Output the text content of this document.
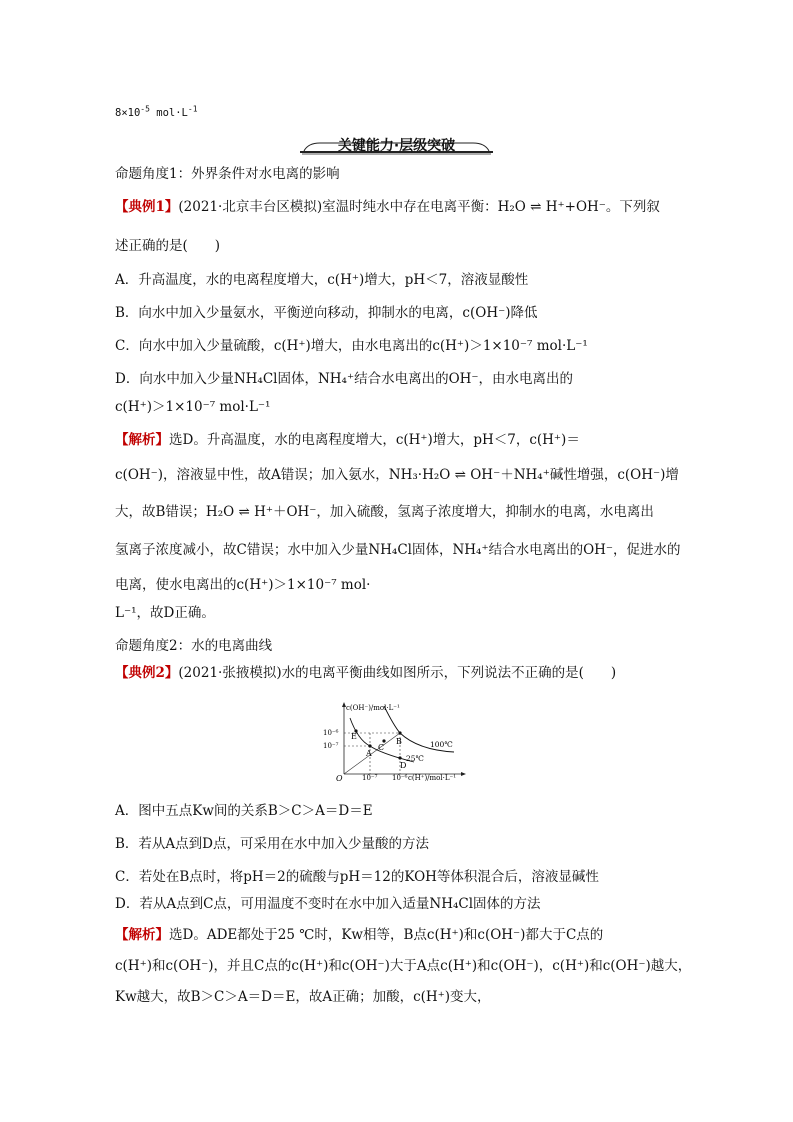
$8\times 10^{-5}$ $mol\cdot L^{-1}$
关键能力·层级突破
命题角度1：外界条件对水电离的影响
【典例1】(2021·北京丰台区模拟)室温时纯水中存在电离平衡：H₂O ⇌ H⁺+OH⁻。下列叙
述正确的是(　　)
A．升高温度，水的电离程度增大，c(H⁺)增大，pH＜7，溶液显酸性
B．向水中加入少量氨水，平衡逆向移动，抑制水的电离，c(OH⁻)降低
C．向水中加入少量硫酸，c(H⁺)增大，由水电离出的c(H⁺)＞1×10⁻⁷ mol·L⁻¹
D．向水中加入少量NH₄Cl固体，NH₄⁺结合水电离出的OH⁻，由水电离出的
c(H⁺)＞1×10⁻⁷ mol·L⁻¹
【解析】选D。升高温度，水的电离程度增大，c(H⁺)增大，pH＜7，c(H⁺)＝
c(OH⁻)，溶液显中性，故A错误；加入氨水，NH₃·H₂O ⇌ OH⁻＋NH₄⁺碱性增强，c(OH⁻)增
大，故B错误；H₂O ⇌ H⁺＋OH⁻，加入硫酸，氢离子浓度增大，抑制水的电离，水电离出
氢离子浓度减小，故C错误；水中加入少量NH₄Cl固体，NH₄⁺结合水电离出的OH⁻，促进水的
电离，使水电离出的c(H⁺)＞1×10⁻⁷ mol·
L⁻¹，故D正确。
命题角度2：水的电离曲线
【典例2】(2021·张掖模拟)水的电离平衡曲线如图所示，下列说法不正确的是(　　)
c(OH⁻)/mol·L⁻¹
c(H⁺)/mol·L⁻¹
O
10⁻⁶
10⁻⁷
10⁻⁷ 10⁻⁶
E
A
C
B
D
100℃
25℃
A．图中五点Kw间的关系B＞C＞A＝D＝E
B．若从A点到D点，可采用在水中加入少量酸的方法
C．若处在B点时，将pH＝2的硫酸与pH＝12的KOH等体积混合后，溶液显碱性
D．若从A点到C点，可用温度不变时在水中加入适量NH₄Cl固体的方法
【解析】选D。ADE都处于25 ℃时，Kw相等，B点c(H⁺)和c(OH⁻)都大于C点的
c(H⁺)和c(OH⁻)，并且C点的c(H⁺)和c(OH⁻)大于A点c(H⁺)和c(OH⁻)，c(H⁺)和c(OH⁻)越大，
Kw越大，故B＞C＞A＝D＝E，故A正确；加酸，c(H⁺)变大，
